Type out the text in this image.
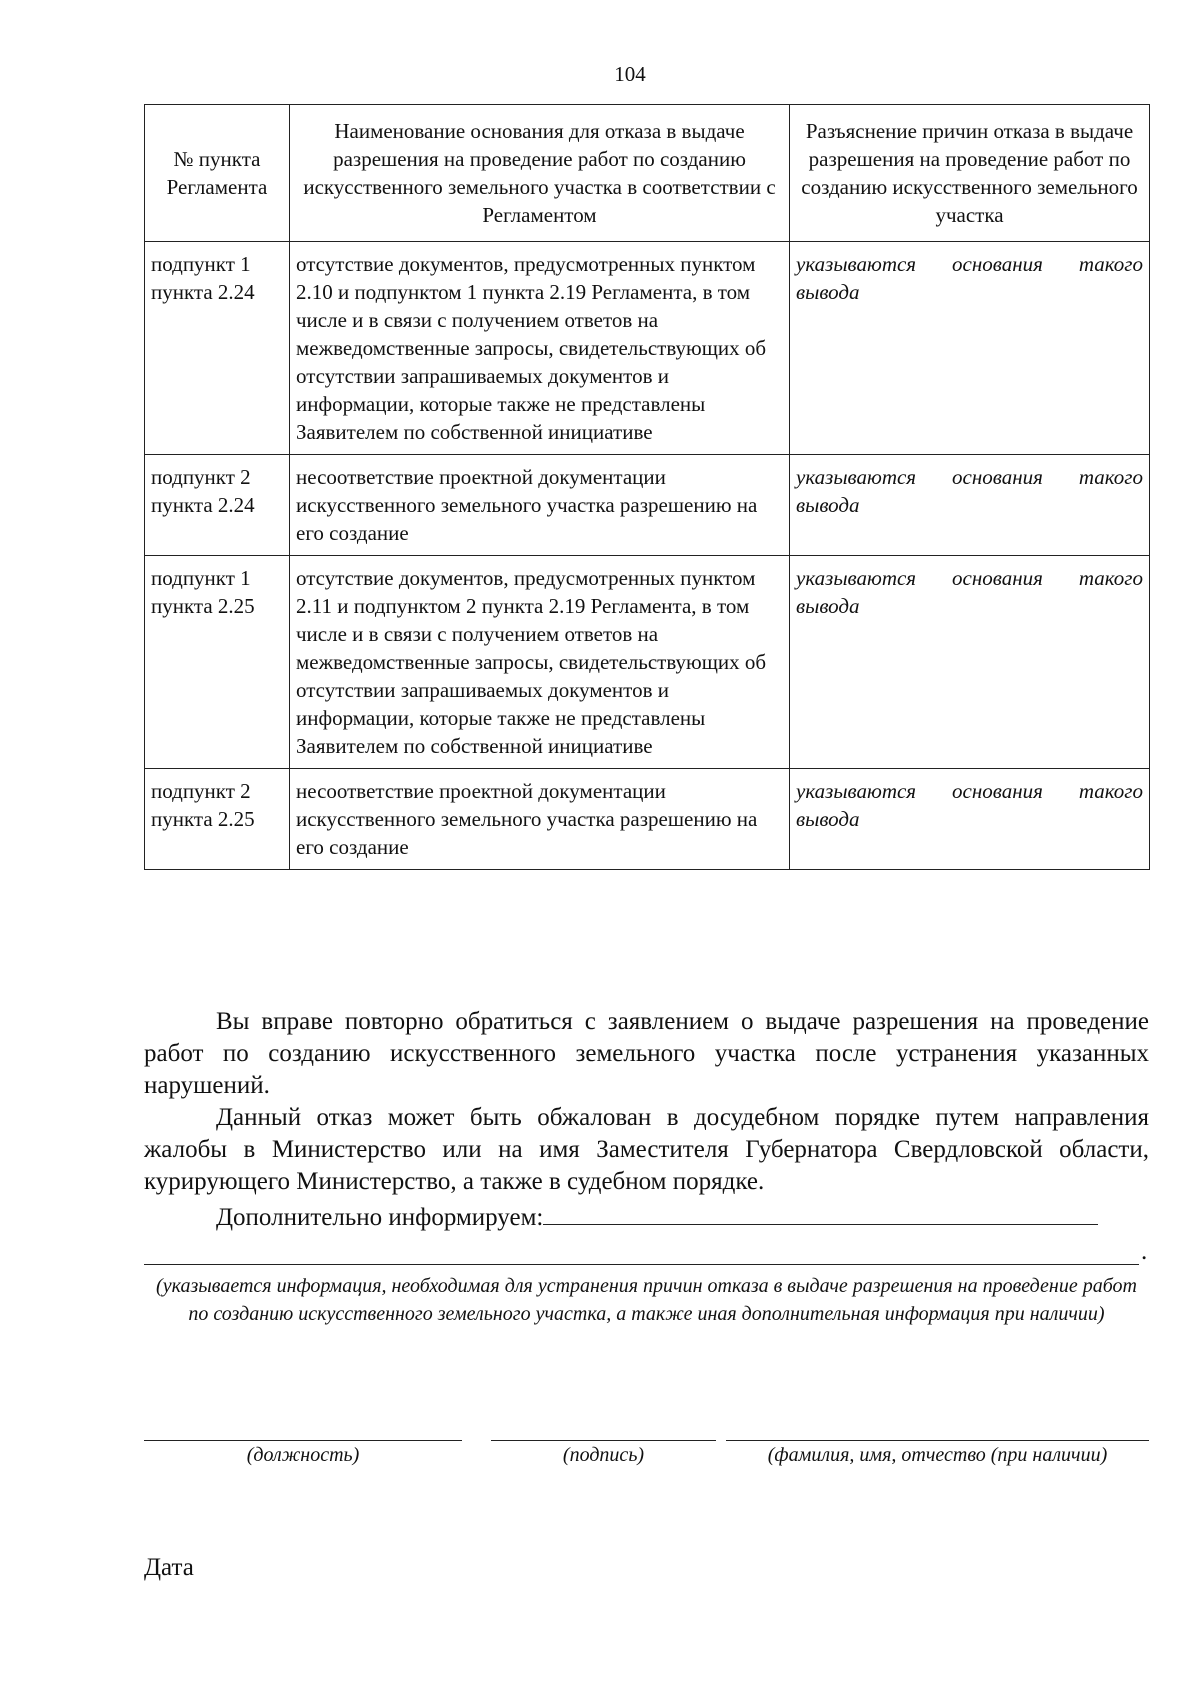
104
№ пункта Регламента	Наименование основания для отказа в выдаче разрешения на проведение работ по созданию искусственного земельного участка в соответствии с Регламентом	Разъяснение причин отказа в выдаче разрешения на проведение работ по созданию искусственного земельного участка
подпункт 1 пункта 2.24	отсутствие документов, предусмотренных пунктом 2.10 и подпунктом 1 пункта 2.19 Регламента, в том числе и в связи с получением ответов на межведомственные запросы, свидетельствующих об отсутствии запрашиваемых документов и информации, которые также не представлены Заявителем по собственной инициативе	указываются основания такого вывода
подпункт 2 пункта 2.24	несоответствие проектной документации искусственного земельного участка разрешению на его создание	указываются основания такого вывода
подпункт 1 пункта 2.25	отсутствие документов, предусмотренных пунктом 2.11 и подпунктом 2 пункта 2.19 Регламента, в том числе и в связи с получением ответов на межведомственные запросы, свидетельствующих об отсутствии запрашиваемых документов и информации, которые также не представлены Заявителем по собственной инициативе	указываются основания такого вывода
подпункт 2 пункта 2.25	несоответствие проектной документации искусственного земельного участка разрешению на его создание	указываются основания такого вывода

Вы вправе повторно обратиться с заявлением о выдаче разрешения на проведение работ по созданию искусственного земельного участка после устранения указанных нарушений.

Данный отказ может быть обжалован в досудебном порядке путем направления жалобы в Министерство или на имя Заместителя Губернатора Свердловской области, курирующего Министерство, а также в судебном порядке.

Дополнительно информируем:

.
(указывается информация, необходимая для устранения причин отказа в выдаче разрешения на проведение работ по созданию искусственного земельного участка, а также иная дополнительная информация при наличии)
(должность)	(подпись)	(фамилия, имя, отчество (при наличии)
Дата
